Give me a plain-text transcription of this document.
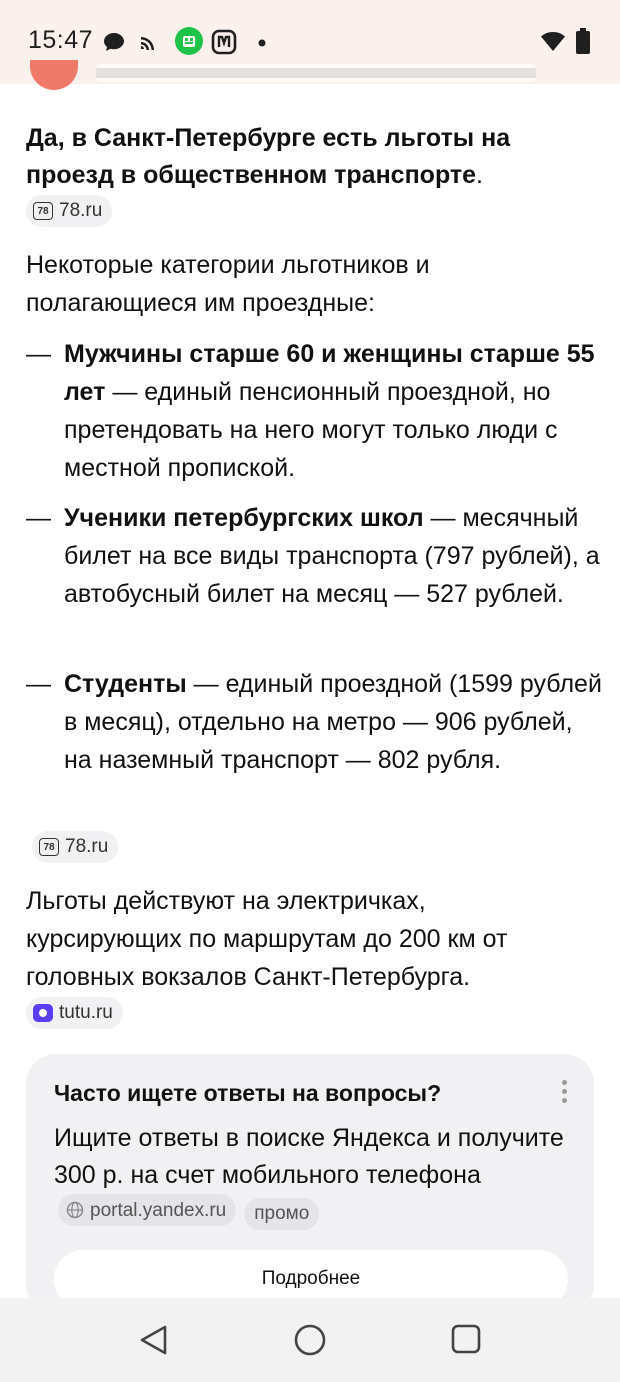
15:47
Да, в Санкт-Петербурге есть льготы на проезд в общественном транспорте.
78 78.ru
Некоторые категории льготников и полагающиеся им проездные:
— Мужчины старше 60 и женщины старше 55 лет — единый пенсионный проездной, но претендовать на него могут только люди с местной пропиской.
— Ученики петербургских школ — месячный билет на все виды транспорта (797 рублей), а автобусный билет на месяц — 527 рублей.
— Студенты — единый проездной (1599 рублей в месяц), отдельно на метро — 906 рублей, на наземный транспорт — 802 рубля.
78 78.ru
Льготы действуют на электричках, курсирующих по маршрутам до 200 км от головных вокзалов Санкт-Петербурга.
tutu.ru
Часто ищете ответы на вопросы?
Ищите ответы в поиске Яндекса и получите 300 р. на счет мобильного телефона
portal.yandex.ru промо
Подробнее
